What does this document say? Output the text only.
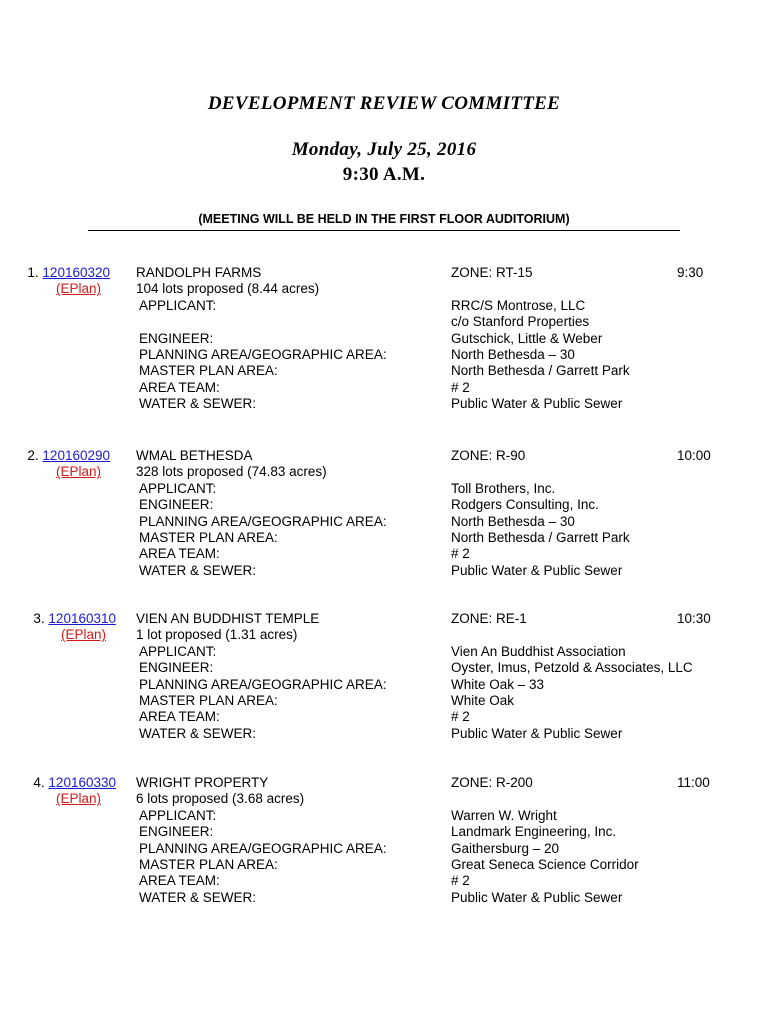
DEVELOPMENT REVIEW COMMITTEE
Monday, July 25, 2016
9:30 A.M.
(MEETING WILL BE HELD IN THE FIRST FLOOR AUDITORIUM)
1. 120160320
(EPlan)
RANDOLPH FARMS
104 lots proposed (8.44 acres)
APPLICANT:
ENGINEER:
PLANNING AREA/GEOGRAPHIC AREA:
MASTER PLAN AREA:
AREA TEAM:
WATER & SEWER:
ZONE: RT-15
RRC/S Montrose, LLC
c/o Stanford Properties
Gutschick, Little & Weber
North Bethesda – 30
North Bethesda / Garrett Park
# 2
Public Water & Public Sewer
9:30
2. 120160290
(EPlan)
WMAL BETHESDA
328 lots proposed (74.83 acres)
APPLICANT:
ENGINEER:
PLANNING AREA/GEOGRAPHIC AREA:
MASTER PLAN AREA:
AREA TEAM:
WATER & SEWER:
ZONE: R-90
Toll Brothers, Inc.
Rodgers Consulting, Inc.
North Bethesda – 30
North Bethesda / Garrett Park
# 2
Public Water & Public Sewer
10:00
3. 120160310
(EPlan)
VIEN AN BUDDHIST TEMPLE
1 lot proposed (1.31 acres)
APPLICANT:
ENGINEER:
PLANNING AREA/GEOGRAPHIC AREA:
MASTER PLAN AREA:
AREA TEAM:
WATER & SEWER:
ZONE: RE-1
Vien An Buddhist Association
Oyster, Imus, Petzold & Associates, LLC
White Oak – 33
White Oak
# 2
Public Water & Public Sewer
10:30
4. 120160330
(EPlan)
WRIGHT PROPERTY
6 lots proposed (3.68 acres)
APPLICANT:
ENGINEER:
PLANNING AREA/GEOGRAPHIC AREA:
MASTER PLAN AREA:
AREA TEAM:
WATER & SEWER:
ZONE: R-200
Warren W. Wright
Landmark Engineering, Inc.
Gaithersburg – 20
Great Seneca Science Corridor
# 2
Public Water & Public Sewer
11:00
